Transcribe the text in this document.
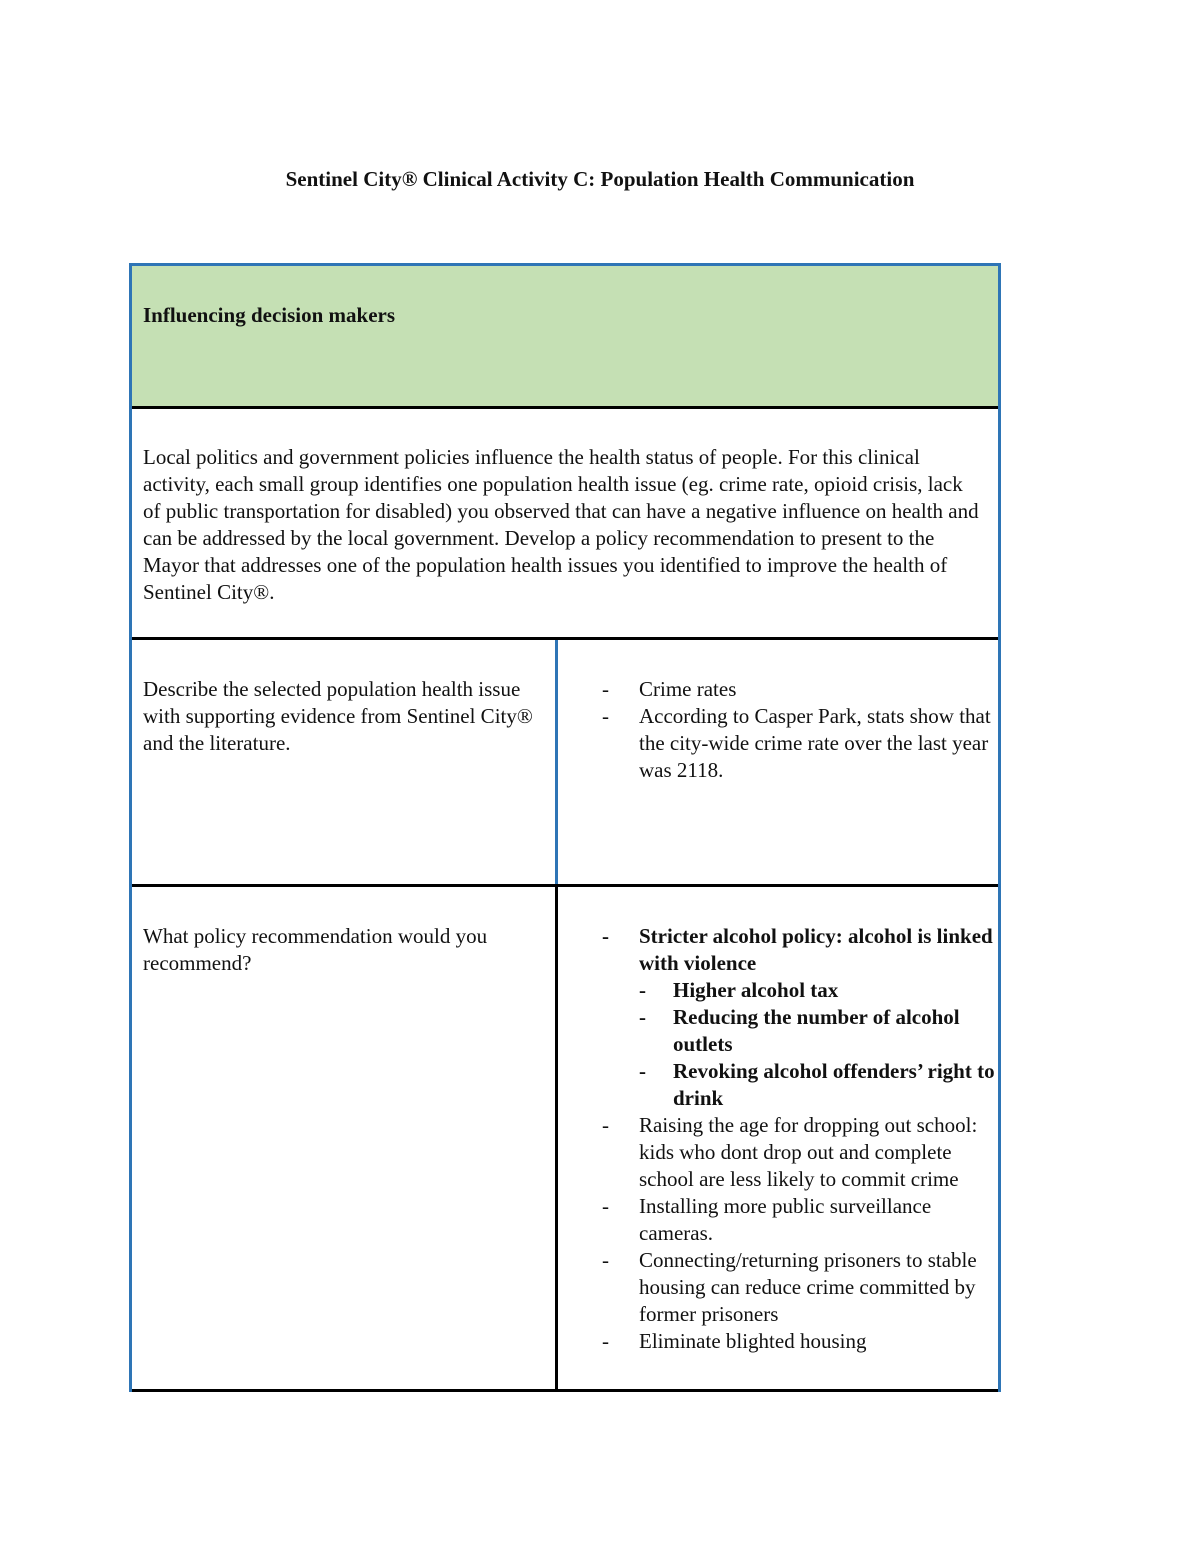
Sentinel City® Clinical Activity C: Population Health Communication
Influencing decision makers
Local politics and government policies influence the health status of people. For this clinical activity, each small group identifies one population health issue (eg. crime rate, opioid crisis, lack of public transportation for disabled) you observed that can have a negative influence on health and can be addressed by the local government. Develop a policy recommendation to present to the Mayor that addresses one of the population health issues you identified to improve the health of Sentinel City®.
Describe the selected population health issue with supporting evidence from Sentinel City® and the literature.
- Crime rates
- According to Casper Park, stats show that the city-wide crime rate over the last year was 2118.
What policy recommendation would you recommend?
- Stricter alcohol policy: alcohol is linked with violence
- Higher alcohol tax
- Reducing the number of alcohol outlets
- Revoking alcohol offenders’ right to drink
- Raising the age for dropping out school: kids who dont drop out and complete school are less likely to commit crime
- Installing more public surveillance cameras.
- Connecting/returning prisoners to stable housing can reduce crime committed by former prisoners
- Eliminate blighted housing
